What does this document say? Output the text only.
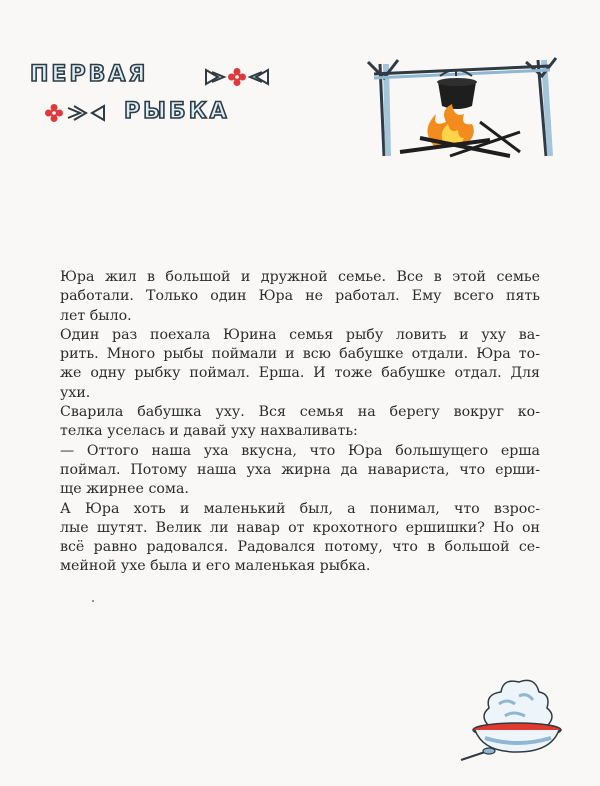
ПЕРВАЯ
РЫБКА
Юра жил в большой и дружной семье. Все в этой семье
работали. Только один Юра не работал. Ему всего пять
лет было.
Один раз поехала Юрина семья рыбу ловить и уху ва-
рить. Много рыбы поймали и всю бабушке отдали. Юра то-
же одну рыбку поймал. Ерша. И тоже бабушке отдал. Для
ухи.
Сварила бабушка уху. Вся семья на берегу вокруг ко-
телка уселась и давай уху нахваливать:
— Оттого наша уха вкусна, что Юра большущего ерша
поймал. Потому наша уха жирна да навариста, что ерши-
ще жирнее сома.
А Юра хоть и маленький был, а понимал, что взрос-
лые шутят. Велик ли навар от крохотного ершишки? Но он
всё равно радовался. Радовался потому, что в большой се-
мейной ухе была и его маленькая рыбка.
